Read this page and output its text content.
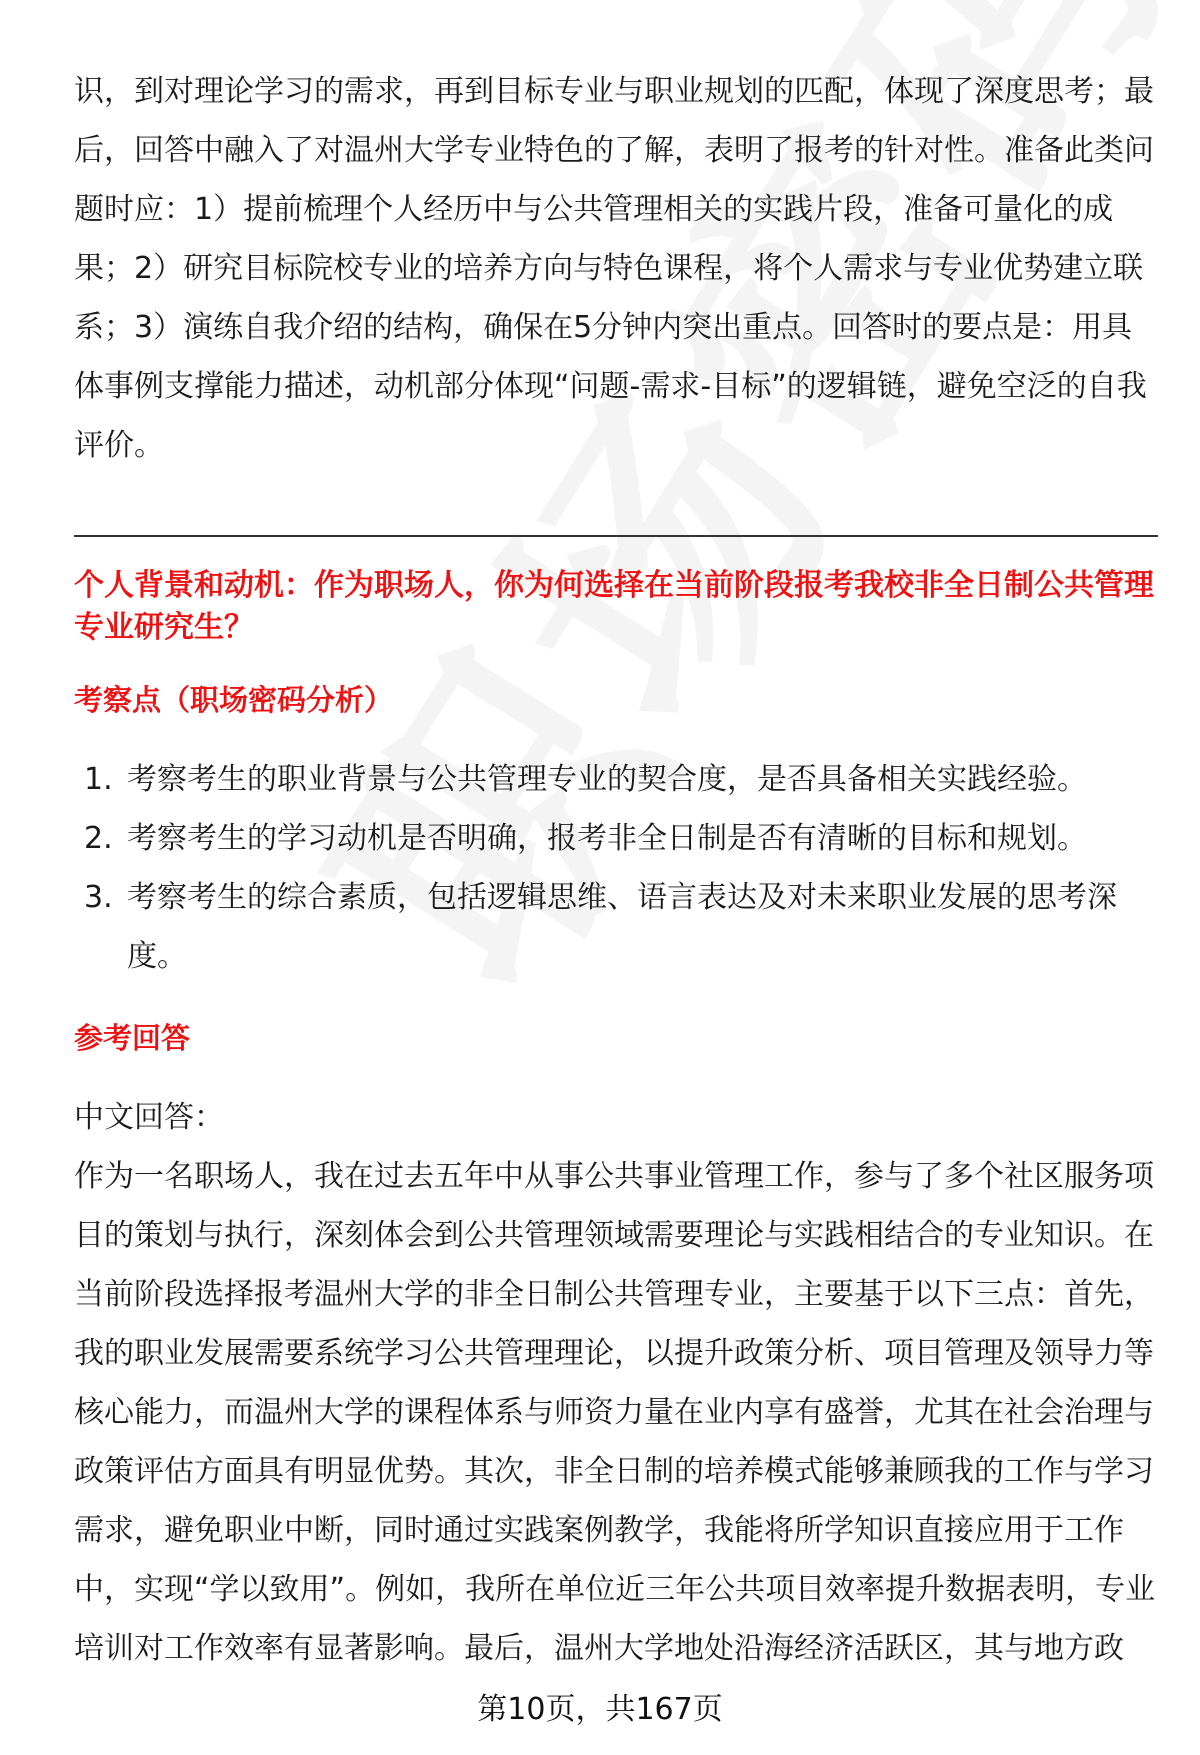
识，到对理论学习的需求，再到目标专业与职业规划的匹配，体现了深度思考；最后，回答中融入了对温州大学专业特色的了解，表明了报考的针对性。准备此类问题时应：1）提前梳理个人经历中与公共管理相关的实践片段，准备可量化的成果；2）研究目标院校专业的培养方向与特色课程，将个人需求与专业优势建立联系；3）演练自我介绍的结构，确保在5分钟内突出重点。回答时的要点是：用具体事例支撑能力描述，动机部分体现“问题-需求-目标”的逻辑链，避免空泛的自我评价。

个人背景和动机：作为职场人，你为何选择在当前阶段报考我校非全日制公共管理专业研究生？
考察点（职场密码分析）
1. 考察考生的职业背景与公共管理专业的契合度，是否具备相关实践经验。
2. 考察考生的学习动机是否明确，报考非全日制是否有清晰的目标和规划。
3. 考察考生的综合素质，包括逻辑思维、语言表达及对未来职业发展的思考深度。
参考回答

中文回答：

作为一名职场人，我在过去五年中从事公共事业管理工作，参与了多个社区服务项目的策划与执行，深刻体会到公共管理领域需要理论与实践相结合的专业知识。在当前阶段选择报考温州大学的非全日制公共管理专业，主要基于以下三点：首先，我的职业发展需要系统学习公共管理理论，以提升政策分析、项目管理及领导力等核心能力，而温州大学的课程体系与师资力量在业内享有盛誉，尤其在社会治理与政策评估方面具有明显优势。其次，非全日制的培养模式能够兼顾我的工作与学习需求，避免职业中断，同时通过实践案例教学，我能将所学知识直接应用于工作中，实现“学以致用”。例如，我所在单位近三年公共项目效率提升数据表明，专业培训对工作效率有显著影响。最后，温州大学地处沿海经济活跃区，其与地方政

第10页，共167页
